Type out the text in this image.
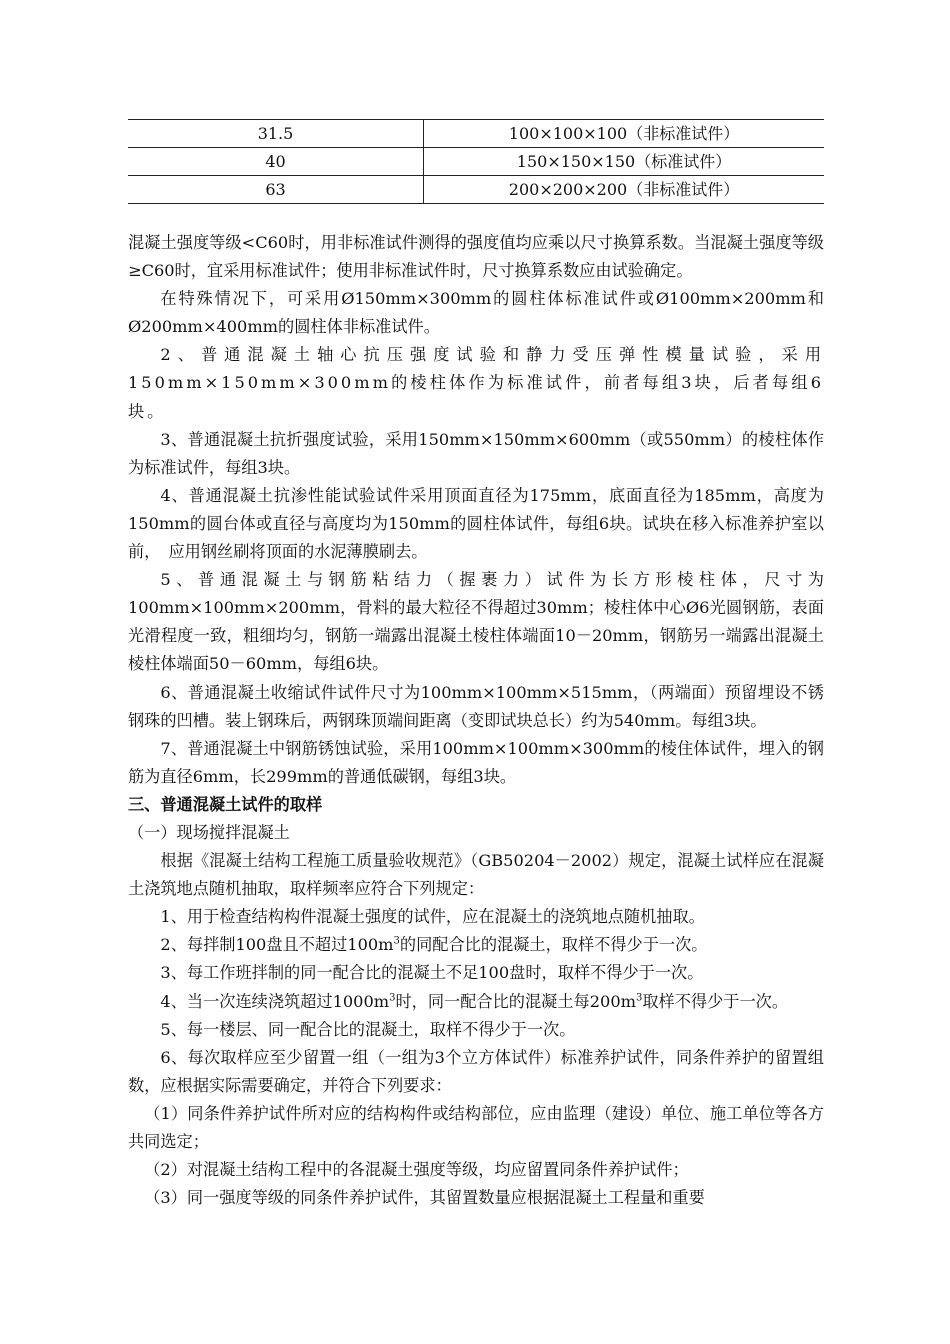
31.5	100×100×100（非标准试件）
40	150×150×150（标准试件）
63	200×200×200（非标准试件）

混凝土强度等级<C60时，用非标准试件测得的强度值均应乘以尺寸换算系数。当混凝土强度等级≥C60时，宜采用标准试件；使用非标准试件时，尺寸换算系数应由试验确定。

在特殊情况下，可采用Ø150mm×300mm的圆柱体标准试件或Ø100mm×200mm和Ø200mm×400mm的圆柱体非标准试件。

2、普通混凝土轴心抗压强度试验和静力受压弹性模量试验，采用150mm×150mm×300mm的棱柱体作为标准试件，前者每组3块，后者每组6块。

3、普通混凝土抗折强度试验，采用150mm×150mm×600mm（或550mm）的棱柱体作为标准试件，每组3块。

4、普通混凝土抗渗性能试验试件采用顶面直径为175mm，底面直径为185mm，高度为150mm的圆台体或直径与高度均为150mm的圆柱体试件，每组6块。试块在移入标准养护室以前，　应用钢丝刷将顶面的水泥薄膜刷去。

5、普通混凝土与钢筋粘结力（握裹力）试件为长方形棱柱体，尺寸为100mm×100mm×200mm，骨料的最大粒径不得超过30mm；棱柱体中心Ø6光圆钢筋，表面光滑程度一致，粗细均匀，钢筋一端露出混凝土棱柱体端面10－20mm，钢筋另一端露出混凝土棱柱体端面50－60mm，每组6块。

6、普通混凝土收缩试件试件尺寸为100mm×100mm×515mm，（两端面）预留埋设不锈钢珠的凹槽。装上钢珠后，两钢珠顶端间距离（变即试块总长）约为540mm。每组3块。

7、普通混凝土中钢筋锈蚀试验，采用100mm×100mm×300mm的棱住体试件，埋入的钢筋为直径6mm，长299mm的普通低碳钢，每组3块。

三、普通混凝土试件的取样

（一）现场搅拌混凝土

根据《混凝土结构工程施工质量验收规范》（GB50204－2002）规定，混凝土试样应在混凝土浇筑地点随机抽取，取样频率应符合下列规定：

1、用于检查结构构件混凝土强度的试件，应在混凝土的浇筑地点随机抽取。

2、每拌制100盘且不超过$100m^3$的同配合比的混凝土，取样不得少于一次。

3、每工作班拌制的同一配合比的混凝土不足100盘时，取样不得少于一次。

4、当一次连续浇筑超过$1000m^3$时，同一配合比的混凝土每$200m^3$取样不得少于一次。

5、每一楼层、同一配合比的混凝土，取样不得少于一次。

6、每次取样应至少留置一组（一组为3个立方体试件）标准养护试件，同条件养护的留置组数，应根据实际需要确定，并符合下列要求：

（1）同条件养护试件所对应的结构构件或结构部位，应由监理（建设）单位、施工单位等各方共同选定；

（2）对混凝土结构工程中的各混凝土强度等级，均应留置同条件养护试件；

（3）同一强度等级的同条件养护试件，其留置数量应根据混凝土工程量和重要
